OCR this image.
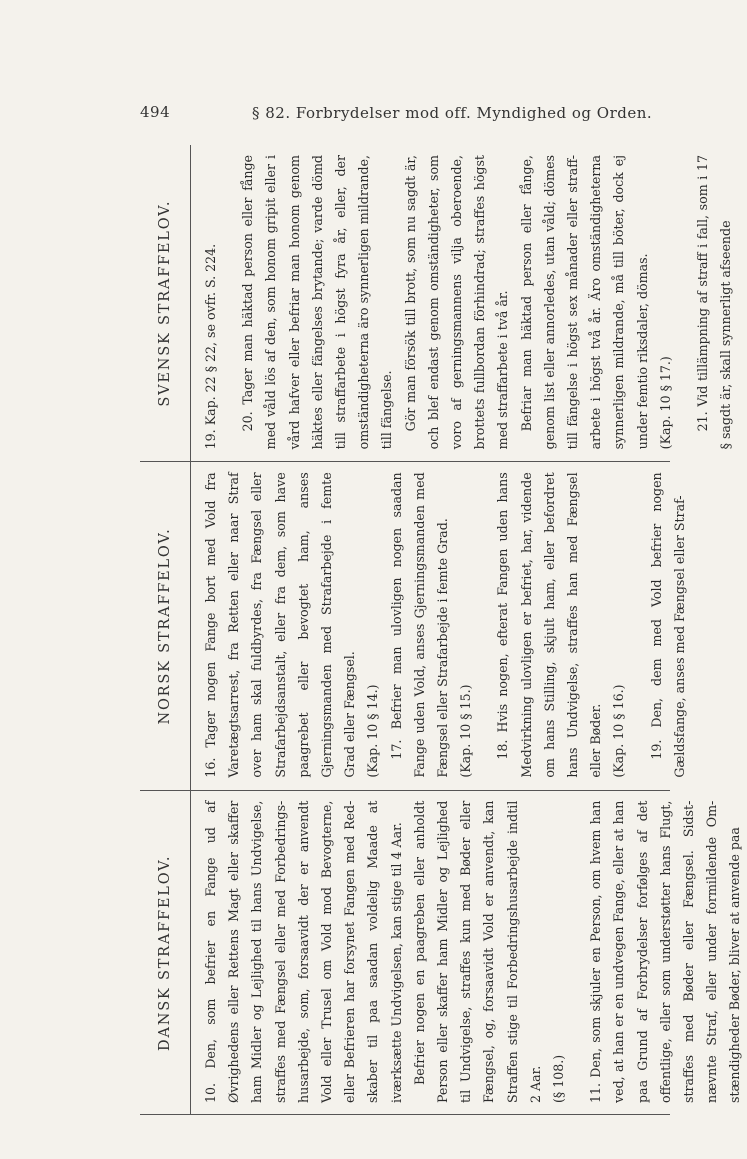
494	§ 82. Forbrydelser mod off. Myndighed og Orden.
DANSK STRAFFELOV.	10. Den, som befrier en Fange ud af Øvrighedens eller Rettens Magt eller skaffer ham Midler og Lejlighed til hans Undvigelse, straffes med Fængsel eller med Forbedrings-husarbejde, som, forsaavidt der er anvendt Vold eller Trusel om Vold mod Bevogterne, eller Befrieren har forsynet Fangen med Red-skaber til paa saadan voldelig Maade at iværksætte Undvigelsen, kan stige til 4 Aar. Befrier nogen en paagreben eller anholdt Person eller skaffer ham Midler og Lejlighed til Undvigelse, straffes kun med Bøder eller Fængsel, og, forsaavidt Vold er anvendt, kan Straffen stige til Forbedringshusarbejde indtil 2 Aar. (§ 108.)	11. Den, som skjuler en Person, om hvem han ved, at han er en undvegen Fange, eller at han paa Grund af Forbrydelser forfølges af det offentlige, eller som understøtter hans Flugt, straffes med Bøder eller Fængsel. Sidst-nævnte Straf, eller under formildende Om-stændigheder Bøder, bliver at anvende paa

NORSK STRAFFELOV.	16. Tager nogen Fange bort med Vold fra Varetægtsarrest, fra Retten eller naar Straf over ham skal fuldbyrdes, fra Fængsel eller Strafarbejdsanstalt, eller fra dem, som have paagrebet eller bevogtet ham, anses Gjerningsmanden med Strafarbejde i femte Grad eller Fængsel. (Kap. 10 § 14.) 17. Befrier man ulovligen nogen saadan Fange uden Vold, anses Gjerningsmanden med Fængsel eller Strafarbejde i femte Grad. (Kap. 10 § 15.)	18. Hvis nogen, efterat Fangen uden hans Medvirkning ulovligen er befriet, har, vidende om hans Stilling, skjult ham, eller befordret hans Undvigelse, straffes han med Fængsel eller Bøder. (Kap. 10 § 16.)	19. Den, dem med Vold befrier nogen Gældsfange, anses med Fængsel eller Straf-

SVENSK STRAFFELOV.	19. Kap. 22 § 22, se ovfr. S. 224.	20. Tager man häktad person eller fånge med våld lös af den, som honom gripit eller i vård hafver eller befriar man honom genom häktes eller fängelses brytande; varde dömd till straffarbete i högst fyra år, eller, der omständigheterna äro synnerligen mildrande, till fängelse. Gör man försök till brott, som nu sagdt är, och blef endast genom omständigheter, som voro af gerningsmannens vilja oberoende, brottets fullbordan förhindrad; straffes högst med straffarbete i två år. Befriar man häktad person eller fånge, genom list eller annorledes, utan våld; dömes till fängelse i högst sex månader eller straff-arbete i högst två år. Äro omständigheterna synnerligen mildrande, må till böter, dock ej under femtio riksdaler, dömas. (Kap. 10 § 17.)	21. Vid tillämpning af straff i fall, som i 17 § sagdt är, skall synnerligt afseende
